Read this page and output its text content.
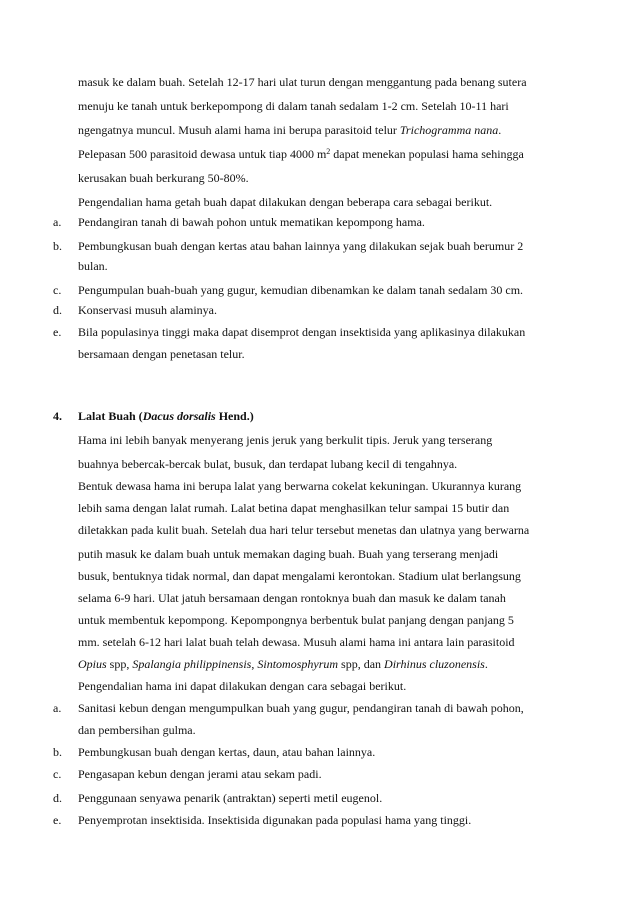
masuk ke dalam buah. Setelah 12-17 hari ulat turun dengan menggantung pada benang sutera
menuju ke tanah untuk berkepompong di dalam tanah sedalam 1-2 cm. Setelah 10-11 hari
ngengatnya muncul. Musuh alami hama ini berupa parasitoid telur Trichogramma nana.
Pelepasan 500 parasitoid dewasa untuk tiap 4000 $m^2$ dapat menekan populasi hama sehingga
kerusakan buah berkurang 50-80%.
Pengendalian hama getah buah dapat dilakukan dengan beberapa cara sebagai berikut.
a. Pendangiran tanah di bawah pohon untuk mematikan kepompong hama.
b. Pembungkusan buah dengan kertas atau bahan lainnya yang dilakukan sejak buah berumur 2
bulan.
c. Pengumpulan buah-buah yang gugur, kemudian dibenamkan ke dalam tanah sedalam 30 cm.
d. Konservasi musuh alaminya.
e. Bila populasinya tinggi maka dapat disemprot dengan insektisida yang aplikasinya dilakukan
bersamaan dengan penetasan telur.
4. Lalat Buah (Dacus dorsalis Hend.)
Hama ini lebih banyak menyerang jenis jeruk yang berkulit tipis. Jeruk yang terserang
buahnya bebercak-bercak bulat, busuk, dan terdapat lubang kecil di tengahnya.
Bentuk dewasa hama ini berupa lalat yang berwarna cokelat kekuningan. Ukurannya kurang
lebih sama dengan lalat rumah. Lalat betina dapat menghasilkan telur sampai 15 butir dan
diletakkan pada kulit buah. Setelah dua hari telur tersebut menetas dan ulatnya yang berwarna
putih masuk ke dalam buah untuk memakan daging buah. Buah yang terserang menjadi
busuk, bentuknya tidak normal, dan dapat mengalami kerontokan. Stadium ulat berlangsung
selama 6-9 hari. Ulat jatuh bersamaan dengan rontoknya buah dan masuk ke dalam tanah
untuk membentuk kepompong. Kepompongnya berbentuk bulat panjang dengan panjang 5
mm. setelah 6-12 hari lalat buah telah dewasa. Musuh alami hama ini antara lain parasitoid
Opius spp, Spalangia philippinensis, Sintomosphyrum spp, dan Dirhinus cluzonensis.
Pengendalian hama ini dapat dilakukan dengan cara sebagai berikut.
a. Sanitasi kebun dengan mengumpulkan buah yang gugur, pendangiran tanah di bawah pohon,
dan pembersihan gulma.
b. Pembungkusan buah dengan kertas, daun, atau bahan lainnya.
c. Pengasapan kebun dengan jerami atau sekam padi.
d. Penggunaan senyawa penarik (antraktan) seperti metil eugenol.
e. Penyemprotan insektisida. Insektisida digunakan pada populasi hama yang tinggi.
